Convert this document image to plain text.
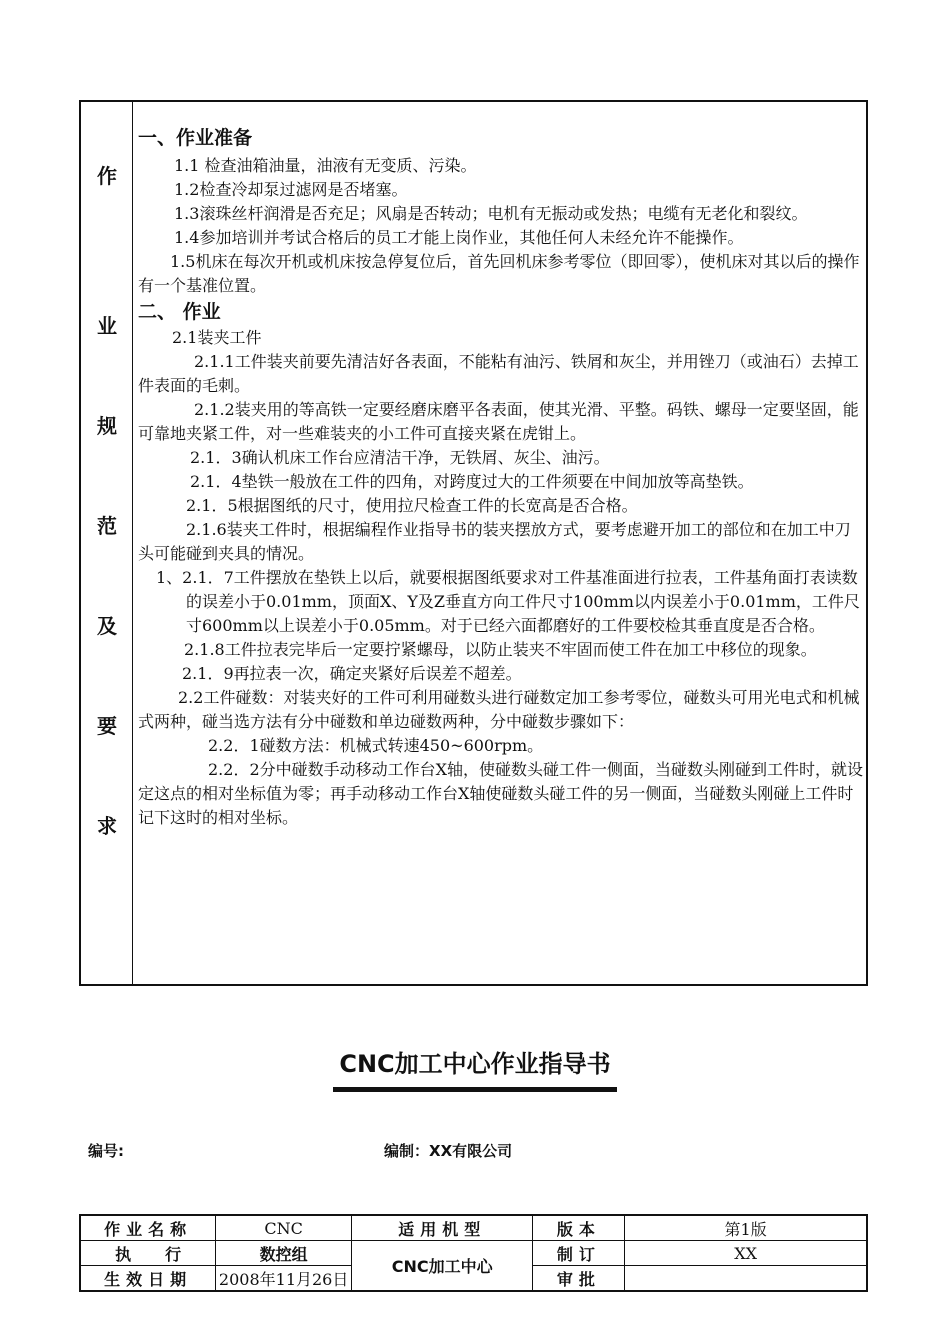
作
业
规
范
及
要
求

一、作业准备

1.1 检查油箱油量，油液有无变质、污染。

1.2检查冷却泵过滤网是否堵塞。

1.3滚珠丝杆润滑是否充足；风扇是否转动；电机有无振动或发热；电缆有无老化和裂纹。

1.4参加培训并考试合格后的员工才能上岗作业，其他任何人未经允许不能操作。

1.5机床在每次开机或机床按急停复位后，首先回机床参考零位（即回零），使机床对其以后的操作有一个基准位置。

二、 作业

2.1装夹工件

2.1.1工件装夹前要先清洁好各表面，不能粘有油污、铁屑和灰尘，并用锉刀（或油石）去掉工件表面的毛刺。

2.1.2装夹用的等高铁一定要经磨床磨平各表面，使其光滑、平整。码铁、螺母一定要坚固，能可靠地夹紧工件，对一些难装夹的小工件可直接夹紧在虎钳上。

2.1．3确认机床工作台应清洁干净，无铁屑、灰尘、油污。

2.1．4垫铁一般放在工件的四角，对跨度过大的工件须要在中间加放等高垫铁。

2.1．5根据图纸的尺寸，使用拉尺检查工件的长宽高是否合格。

2.1.6装夹工件时，根据编程作业指导书的装夹摆放方式，要考虑避开加工的部位和在加工中刀头可能碰到夹具的情况。

1、2.1．7工件摆放在垫铁上以后，就要根据图纸要求对工件基准面进行拉表，工件基角面打表读数的误差小于0.01mm，顶面X、Y及Z垂直方向工件尺寸100mm以内误差小于0.01mm，工件尺寸600mm以上误差小于0.05mm。对于已经六面都磨好的工件要校检其垂直度是否合格。

2.1.8工件拉表完毕后一定要拧紧螺母，以防止装夹不牢固而使工件在加工中移位的现象。

2.1．9再拉表一次，确定夹紧好后误差不超差。

2.2工件碰数：对装夹好的工件可利用碰数头进行碰数定加工参考零位，碰数头可用光电式和机械式两种，碰当选方法有分中碰数和单边碰数两种，分中碰数步骤如下：

2.2．1碰数方法：机械式转速450~600rpm。

2.2．2分中碰数手动移动工作台X轴，使碰数头碰工件一侧面，当碰数头刚碰到工件时，就设定这点的相对坐标值为零；再手动移动工作台X轴使碰数头碰工件的另一侧面，当碰数头刚碰上工件时记下这时的相对坐标。

CNC加工中心作业指导书
编号:	编制：XX有限公司
作业名称	CNC	适用机型	版本	第1版
执行	数控组	CNC加工中心	制订	XX
生效日期	2008年11月26日		审批	
